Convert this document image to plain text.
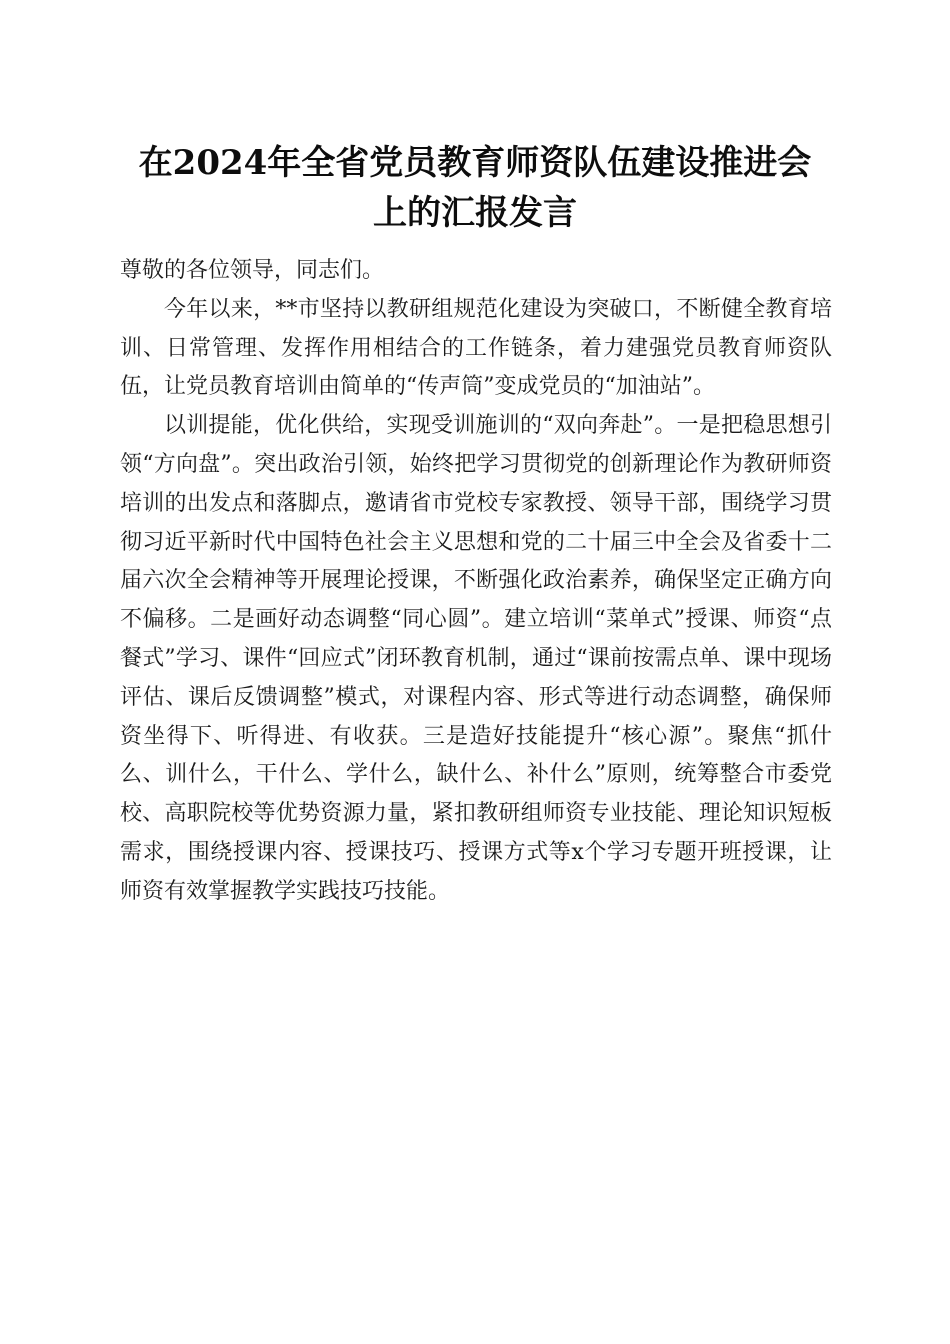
在2024年全省党员教育师资队伍建设推进会
上的汇报发言

尊敬的各位领导，同志们。

今年以来，**市坚持以教研组规范化建设为突破口，不断健全教育培训、日常管理、发挥作用相结合的工作链条，着力建强党员教育师资队伍，让党员教育培训由简单的“传声筒”变成党员的“加油站”。

以训提能，优化供给，实现受训施训的“双向奔赴”。一是把稳思想引领“方向盘”。突出政治引领，始终把学习贯彻党的创新理论作为教研师资培训的出发点和落脚点，邀请省市党校专家教授、领导干部，围绕学习贯彻习近平新时代中国特色社会主义思想和党的二十届三中全会及省委十二届六次全会精神等开展理论授课，不断强化政治素养，确保坚定正确方向不偏移。二是画好动态调整“同心圆”。建立培训“菜单式”授课、师资“点餐式”学习、课件“回应式”闭环教育机制，通过“课前按需点单、课中现场评估、课后反馈调整”模式，对课程内容、形式等进行动态调整，确保师资坐得下、听得进、有收获。三是造好技能提升“核心源”。聚焦“抓什么、训什么，干什么、学什么，缺什么、补什么”原则，统筹整合市委党校、高职院校等优势资源力量，紧扣教研组师资专业技能、理论知识短板需求，围绕授课内容、授课技巧、授课方式等x个学习专题开班授课，让师资有效掌握教学实践技巧技能。
